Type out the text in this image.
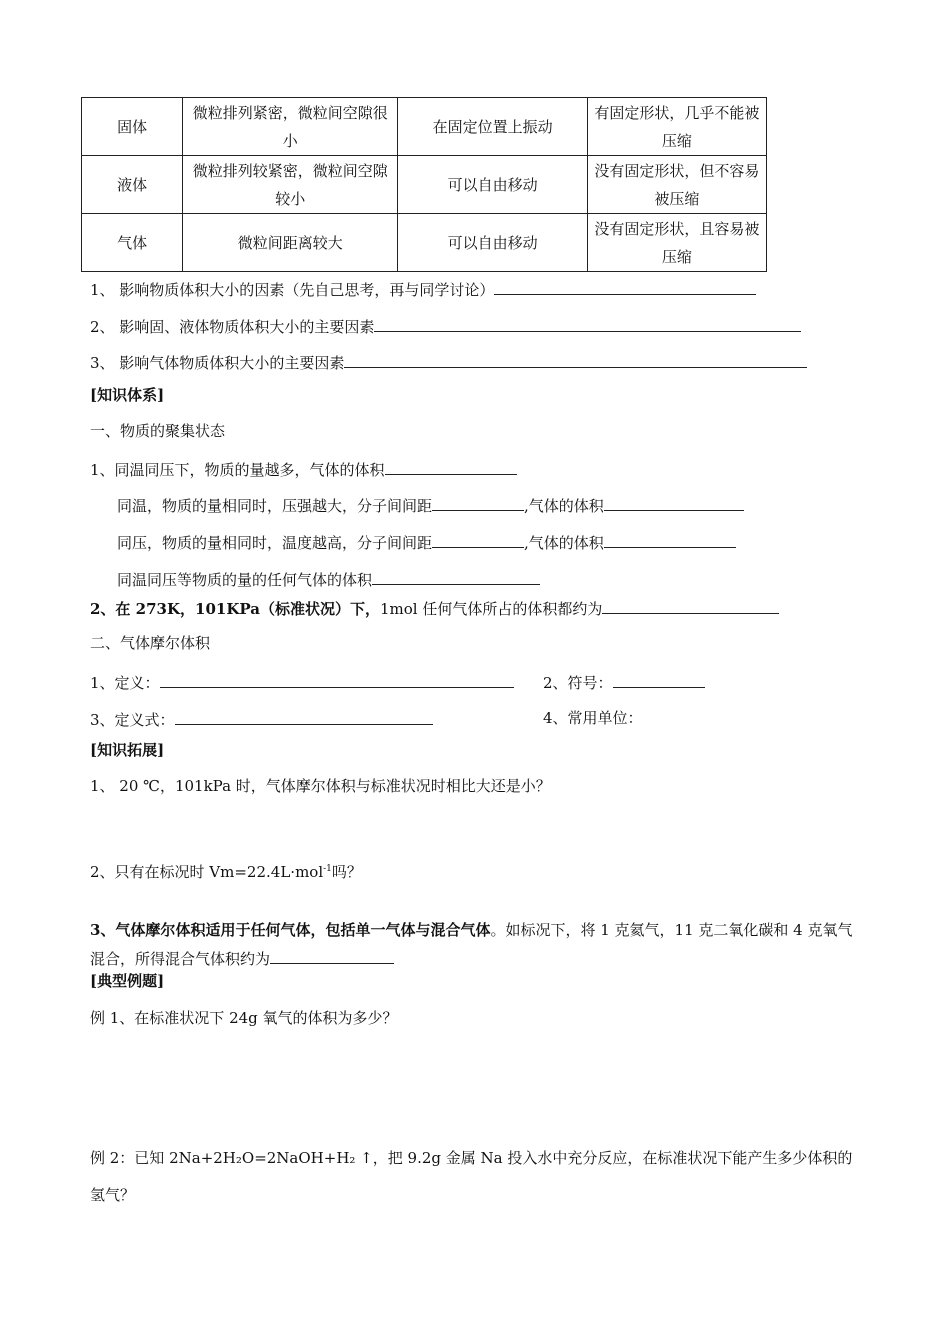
固体	微粒排列紧密，微粒间空隙很小	在固定位置上振动	有固定形状，几乎不能被压缩
液体	微粒排列较紧密，微粒间空隙较小	可以自由移动	没有固定形状，但不容易被压缩
气体	微粒间距离较大	可以自由移动	没有固定形状，且容易被压缩
1、 影响物质体积大小的因素（先自己思考，再与同学讨论）
2、 影响固、液体物质体积大小的主要因素
3、 影响气体物质体积大小的主要因素
[知识体系]
一、物质的聚集状态
1、同温同压下，物质的量越多，气体的体积
同温，物质的量相同时，压强越大，分子间间距	,气体的体积
同压，物质的量相同时，温度越高，分子间间距	,气体的体积
同温同压等物质的量的任何气体的体积
2、在 273K，101KPa（标准状况）下，1mol 任何气体所占的体积都约为
二、气体摩尔体积
1、定义：	2、符号：
3、定义式：	4、常用单位：
[知识拓展]
1、 20 ℃，101kPa 时，气体摩尔体积与标准状况时相比大还是小？
2、只有在标况时 Vm=22.4L·mol$^{-1}$吗？
3、气体摩尔体积适用于任何气体，包括单一气体与混合气体。如标况下，将 1 克氦气，11 克二氧化碳和 4 克氧气混合，所得混合气体积约为
[典型例题]
例 1、在标准状况下 24g 氧气的体积为多少？
例 2：已知 2Na+2H₂O=2NaOH+H₂ ↑，把 9.2g 金属 Na 投入水中充分反应，在标准状况下能产生多少体积的氢气？
